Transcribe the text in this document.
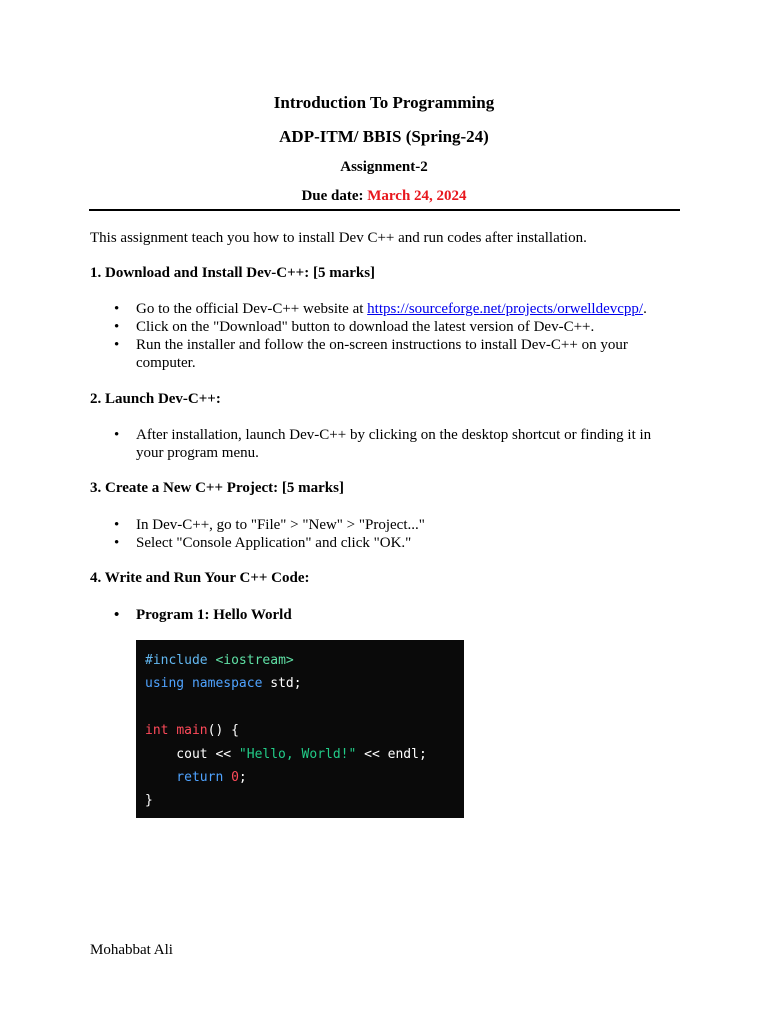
Introduction To Programming
ADP-ITM/ BBIS (Spring-24)
Assignment-2
Due date: March 24, 2024
This assignment teach you how to install Dev C++ and run codes after installation.
1. Download and Install Dev-C++: [5 marks]
• Go to the official Dev-C++ website at https://sourceforge.net/projects/orwelldevcpp/.
• Click on the "Download" button to download the latest version of Dev-C++.
• Run the installer and follow the on-screen instructions to install Dev-C++ on your computer.
2. Launch Dev-C++:
• After installation, launch Dev-C++ by clicking on the desktop shortcut or finding it in your program menu.
3. Create a New C++ Project: [5 marks]
• In Dev-C++, go to "File" > "New" > "Project..."
• Select "Console Application" and click "OK."
4. Write and Run Your C++ Code:
• Program 1: Hello World
#include <iostream>
using namespace std;
int main() {
cout << "Hello, World!" << endl;
return 0;
}
Mohabbat Ali
